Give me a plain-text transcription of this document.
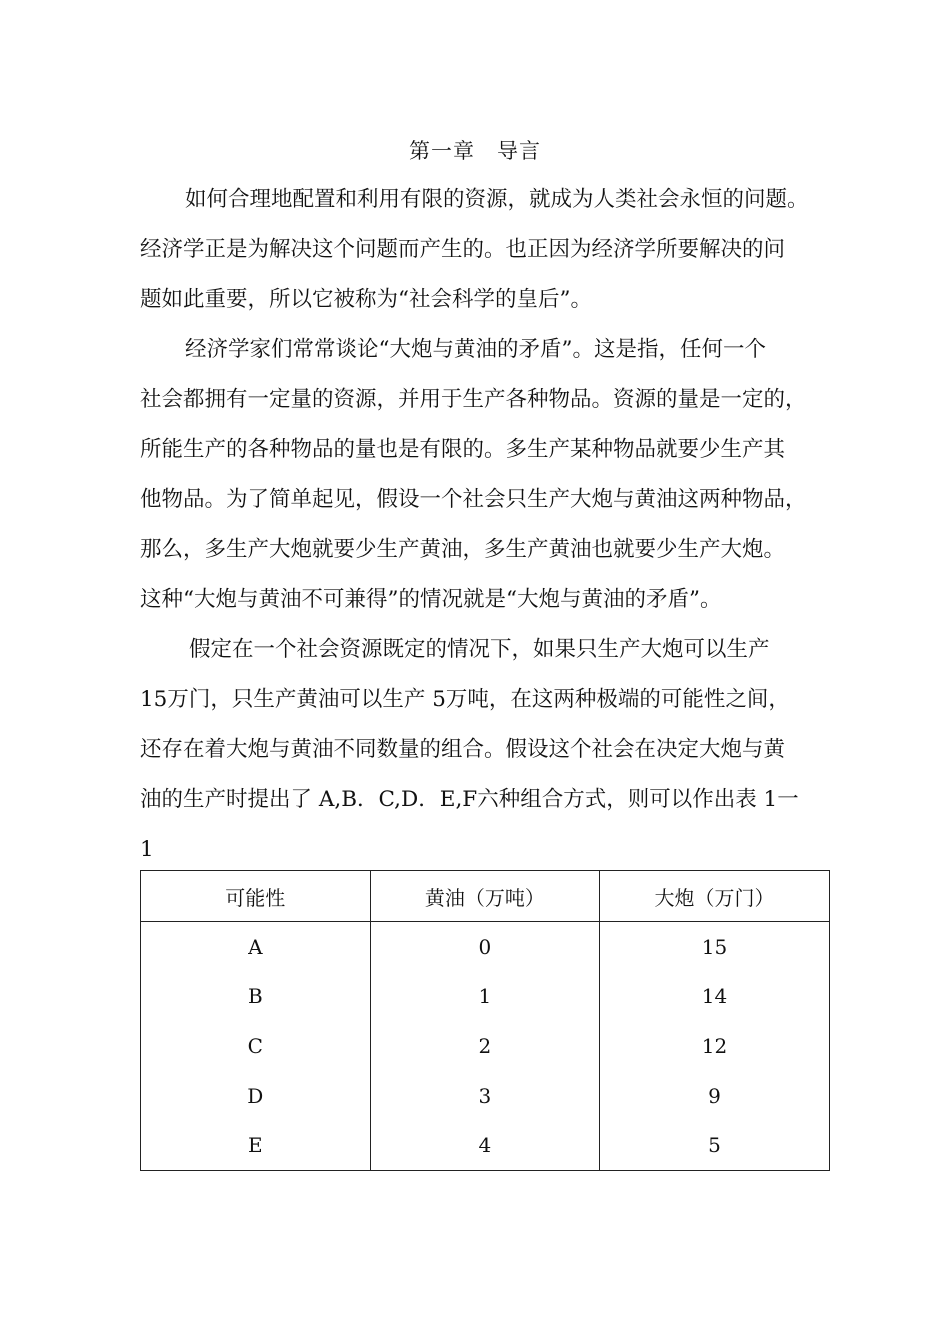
第一章　导言
如何合理地配置和利用有限的资源，就成为人类社会永恒的问题。
经济学正是为解决这个问题而产生的。也正因为经济学所要解决的问
题如此重要，所以它被称为“社会科学的皇后”。
经济学家们常常谈论“大炮与黄油的矛盾”。这是指，任何一个
社会都拥有一定量的资源，并用于生产各种物品。资源的量是一定的，
所能生产的各种物品的量也是有限的。多生产某种物品就要少生产其
他物品。为了简单起见，假设一个社会只生产大炮与黄油这两种物品，
那么，多生产大炮就要少生产黄油，多生产黄油也就要少生产大炮。
这种“大炮与黄油不可兼得”的情况就是“大炮与黄油的矛盾”。
假定在一个社会资源既定的情况下，如果只生产大炮可以生产
15万门，只生产黄油可以生产 5万吨，在这两种极端的可能性之间，
还存在着大炮与黄油不同数量的组合。假设这个社会在决定大炮与黄
油的生产时提出了 A,B．C,D．E,F六种组合方式，则可以作出表 1一
1
可能性	黄油（万吨）	大炮（万门）
A	0	15
B	1	14
C	2	12
D	3	9
E	4	5
